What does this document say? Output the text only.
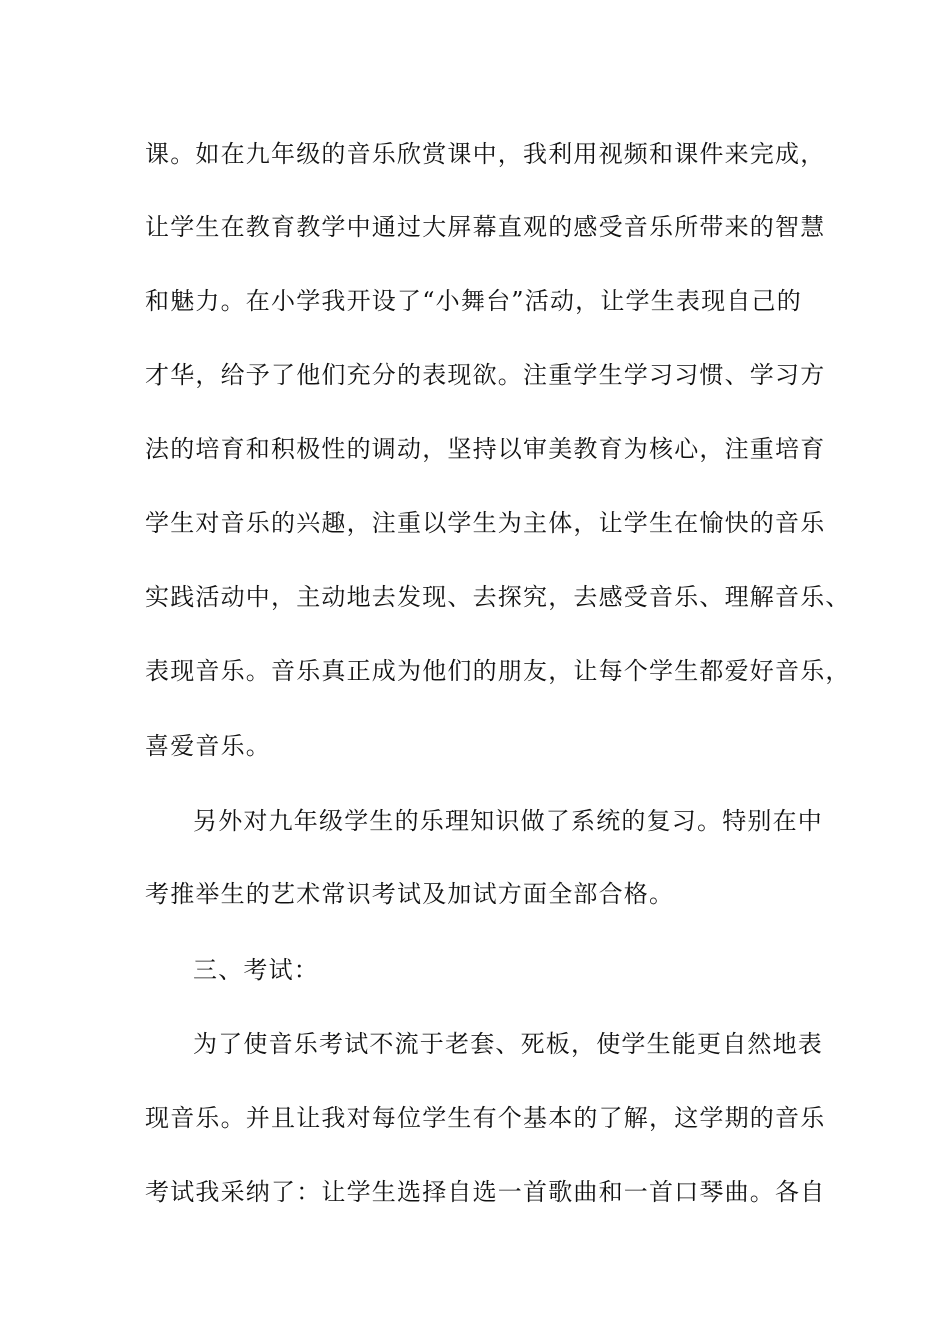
课。如在九年级的音乐欣赏课中，我利用视频和课件来完成，
让学生在教育教学中通过大屏幕直观的感受音乐所带来的智慧
和魅力。在小学我开设了“小舞台”活动，让学生表现自己的
才华，给予了他们充分的表现欲。注重学生学习习惯、学习方
法的培育和积极性的调动，坚持以审美教育为核心，注重培育
学生对音乐的兴趣，注重以学生为主体，让学生在愉快的音乐
实践活动中，主动地去发现、去探究，去感受音乐、理解音乐、
表现音乐。音乐真正成为他们的朋友，让每个学生都爱好音乐，
喜爱音乐。
另外对九年级学生的乐理知识做了系统的复习。特别在中
考推举生的艺术常识考试及加试方面全部合格。
三、考试：
为了使音乐考试不流于老套、死板，使学生能更自然地表
现音乐。并且让我对每位学生有个基本的了解，这学期的音乐
考试我采纳了：让学生选择自选一首歌曲和一首口琴曲。各自
